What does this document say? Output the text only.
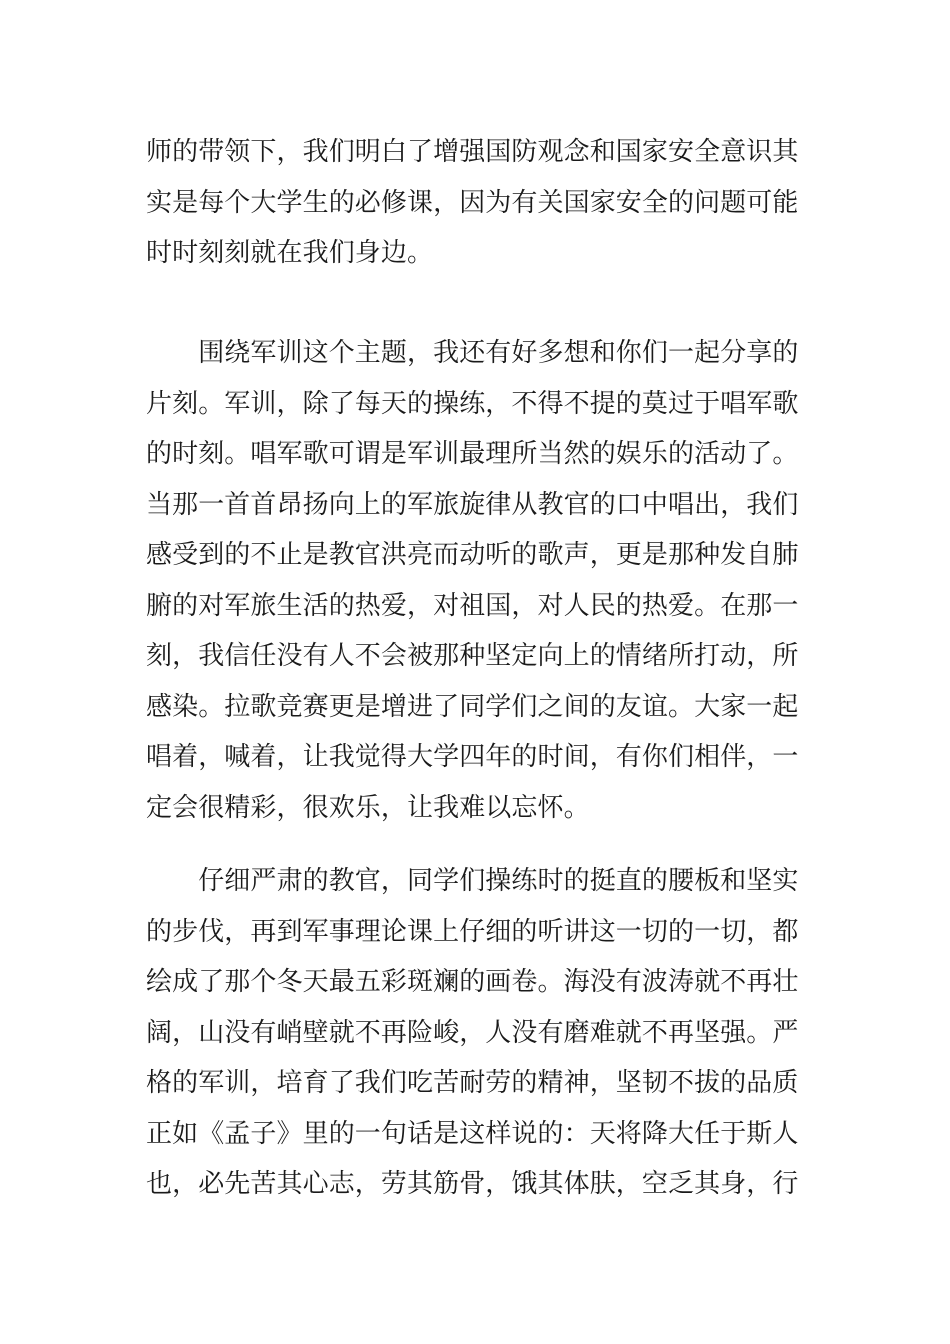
师的带领下，我们明白了增强国防观念和国家安全意识其
实是每个大学生的必修课，因为有关国家安全的问题可能
时时刻刻就在我们身边。

　　围绕军训这个主题，我还有好多想和你们一起分享的
片刻。军训，除了每天的操练，不得不提的莫过于唱军歌
的时刻。唱军歌可谓是军训最理所当然的娱乐的活动了。
当那一首首昂扬向上的军旅旋律从教官的口中唱出，我们
感受到的不止是教官洪亮而动听的歌声，更是那种发自肺
腑的对军旅生活的热爱，对祖国，对人民的热爱。在那一
刻，我信任没有人不会被那种坚定向上的情绪所打动，所
感染。拉歌竞赛更是增进了同学们之间的友谊。大家一起
唱着，喊着，让我觉得大学四年的时间，有你们相伴，一
定会很精彩，很欢乐，让我难以忘怀。

　　仔细严肃的教官，同学们操练时的挺直的腰板和坚实
的步伐，再到军事理论课上仔细的听讲这一切的一切，都
绘成了那个冬天最五彩斑斓的画卷。海没有波涛就不再壮
阔，山没有峭壁就不再险峻，人没有磨难就不再坚强。严
格的军训，培育了我们吃苦耐劳的精神，坚韧不拔的品质
正如《孟子》里的一句话是这样说的：天将降大任于斯人
也，必先苦其心志，劳其筋骨，饿其体肤，空乏其身，行
